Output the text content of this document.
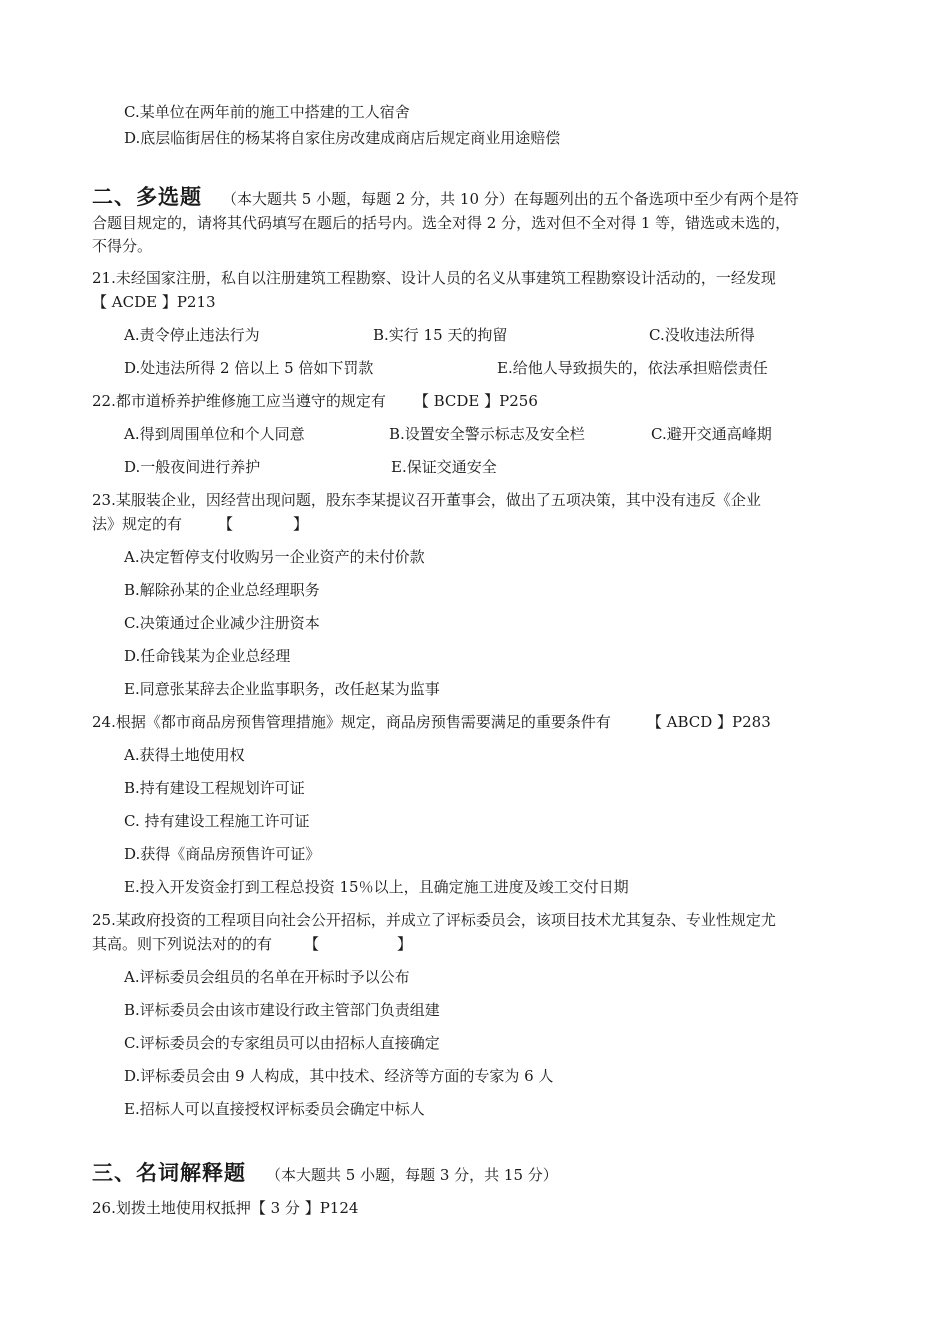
C.某单位在两年前的施工中搭建的工人宿舍
D.底层临街居住的杨某将自家住房改建成商店后规定商业用途赔偿
二、多选题 （本大题共 5 小题，每题 2 分，共 10 分）在每题列出的五个备选项中至少有两个是符
合题目规定的，请将其代码填写在题后的括号内。选全对得 2 分，选对但不全对得 1 等，错选或未选的，
不得分。
21.未经国家注册，私自以注册建筑工程勘察、设计人员的名义从事建筑工程勘察设计活动的，一经发现
【 ACDE 】P213
A.责令停止违法行为	B.实行 15 天的拘留	C.没收违法所得
D.处违法所得 2 倍以上 5 倍如下罚款	E.给他人导致损失的，依法承担赔偿责任
22.都市道桥养护维修施工应当遵守的规定有 【 BCDE 】P256
A.得到周围单位和个人同意	B.设置安全警示标志及安全栏	C.避开交通高峰期
D.一般夜间进行养护	E.保证交通安全
23.某服装企业，因经营出现问题，股东李某提议召开董事会，做出了五项决策，其中没有违反《企业
法》规定的有 【	】
A.决定暂停支付收购另一企业资产的未付价款
B.解除孙某的企业总经理职务
C.决策通过企业减少注册资本
D.任命钱某为企业总经理
E.同意张某辞去企业监事职务，改任赵某为监事
24.根据《都市商品房预售管理措施》规定，商品房预售需要满足的重要条件有 【 ABCD 】P283
A.获得土地使用权
B.持有建设工程规划许可证
C. 持有建设工程施工许可证
D.获得《商品房预售许可证》
E.投入开发资金打到工程总投资 15％以上，且确定施工进度及竣工交付日期
25.某政府投资的工程项目向社会公开招标，并成立了评标委员会，该项目技术尤其复杂、专业性规定尤
其高。则下列说法对的的有 【	】
A.评标委员会组员的名单在开标时予以公布
B.评标委员会由该市建设行政主管部门负责组建
C.评标委员会的专家组员可以由招标人直接确定
D.评标委员会由 9 人构成，其中技术、经济等方面的专家为 6 人
E.招标人可以直接授权评标委员会确定中标人
三、名词解释题 （本大题共 5 小题，每题 3 分，共 15 分）
26.划拨土地使用权抵押【 3 分 】P124
